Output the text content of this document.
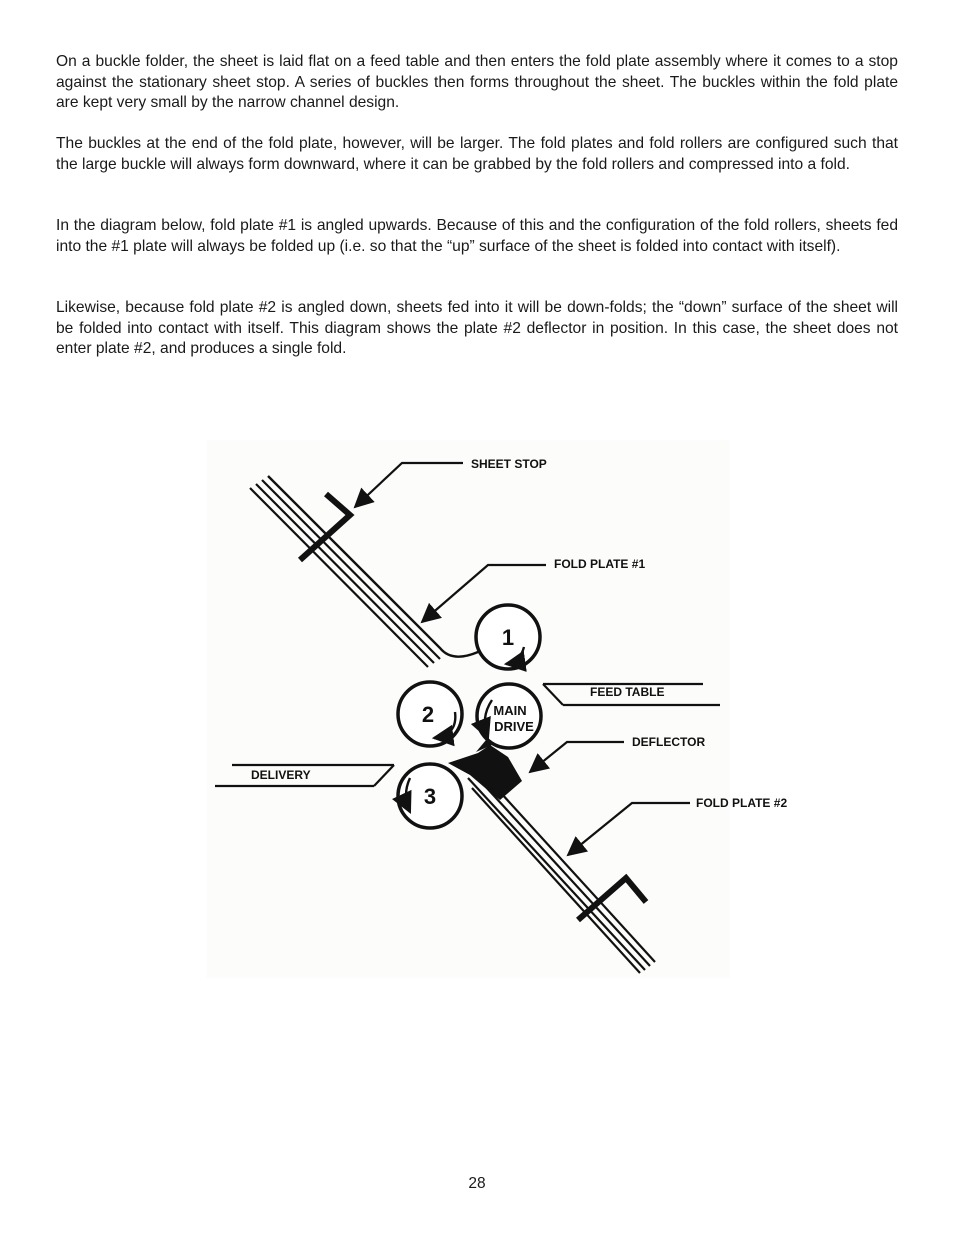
On a buckle folder, the sheet is laid flat on a feed table and then enters the fold plate assembly where it comes to a stop against the stationary sheet stop. A series of buckles then forms throughout the sheet. The buckles within the fold plate are kept very small by the narrow channel design.

The buckles at the end of the fold plate, however, will be larger. The fold plates and fold rollers are configured such that the large buckle will always form downward, where it can be grabbed by the fold rollers and compressed into a fold.

In the diagram below, fold plate #1 is angled upwards. Because of this and the configuration of the fold rollers, sheets fed into the #1 plate will always be folded up (i.e. so that the “up” surface of the sheet is folded into contact with itself).

Likewise, because fold plate #2 is angled down, sheets fed into it will be down-folds; the “down” surface of the sheet will be folded into contact with itself. This diagram shows the plate #2 deflector in position. In this case, the sheet does not enter plate #2, and produces a single fold.

1
2	MAIN
DRIVE
3
SHEET STOP
FOLD PLATE #1
FEED TABLE
DEFLECTOR
DELIVERY
FOLD PLATE #2

28
